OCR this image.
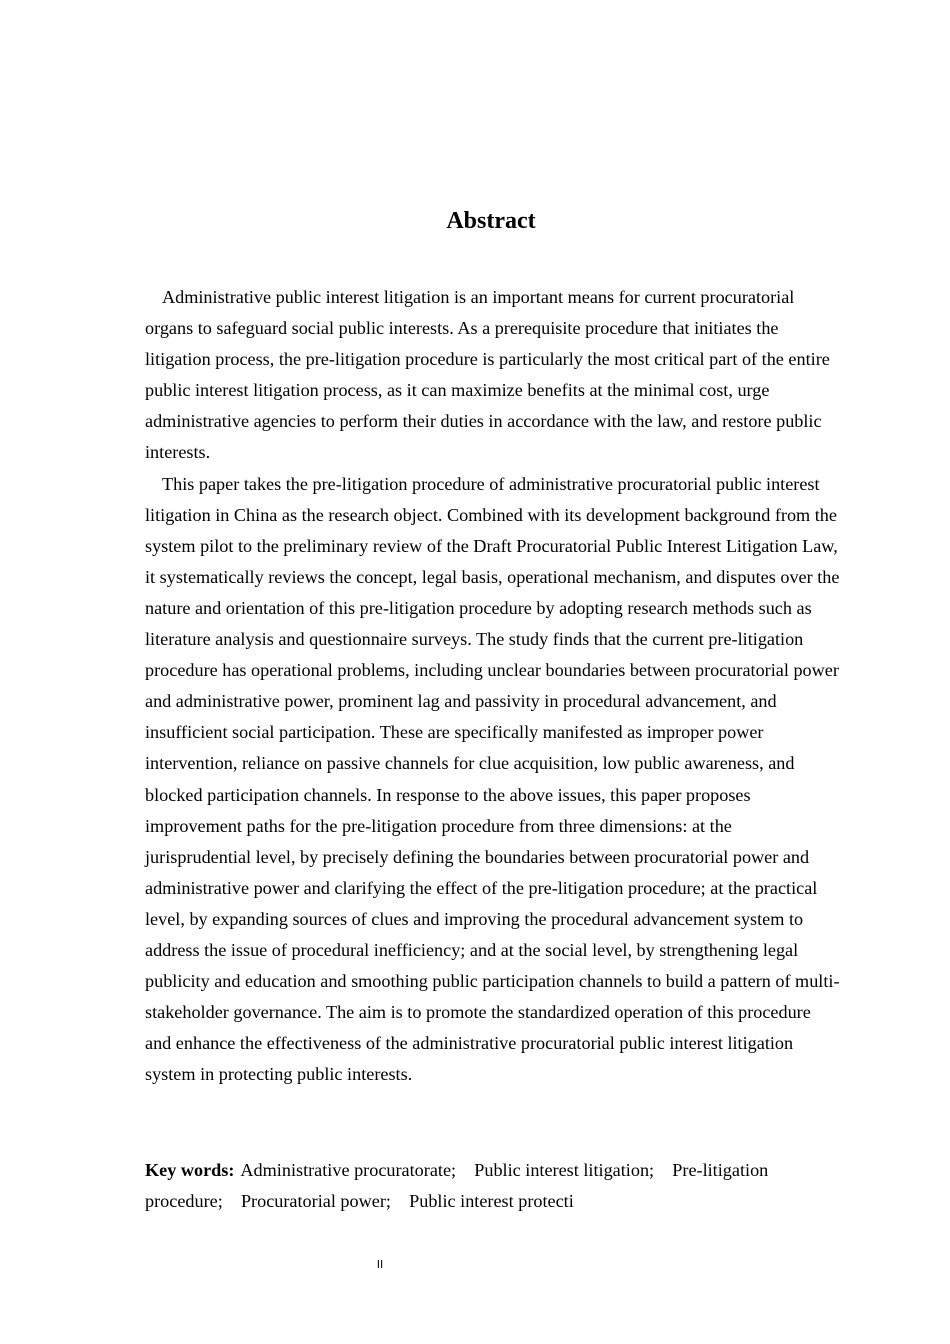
Abstract

Administrative public interest litigation is an important means for current procuratorial organs to safeguard social public interests. As a prerequisite procedure that initiates the litigation process, the pre-litigation procedure is particularly the most critical part of the entire public interest litigation process, as it can maximize benefits at the minimal cost, urge administrative agencies to perform their duties in accordance with the law, and restore public interests.

This paper takes the pre-litigation procedure of administrative procuratorial public interest litigation in China as the research object. Combined with its development background from the system pilot to the preliminary review of the Draft Procuratorial Public Interest Litigation Law, it systematically reviews the concept, legal basis, operational mechanism, and disputes over the nature and orientation of this pre-litigation procedure by adopting research methods such as literature analysis and questionnaire surveys. The study finds that the current pre-litigation procedure has operational problems, including unclear boundaries between procuratorial power and administrative power, prominent lag and passivity in procedural advancement, and insufficient social participation. These are specifically manifested as improper power intervention, reliance on passive channels for clue acquisition, low public awareness, and blocked participation channels. In response to the above issues, this paper proposes improvement paths for the pre-litigation procedure from three dimensions: at the jurisprudential level, by precisely defining the boundaries between procuratorial power and administrative power and clarifying the effect of the pre-litigation procedure; at the practical level, by expanding sources of clues and improving the procedural advancement system to address the issue of procedural inefficiency; and at the social level, by strengthening legal publicity and education and smoothing public participation channels to build a pattern of multi-stakeholder governance. The aim is to promote the standardized operation of this procedure and enhance the effectiveness of the administrative procuratorial public interest litigation system in protecting public interests.

Key words: Administrative procuratorate;    Public interest litigation;    Pre-litigation procedure;    Procuratorial power;    Public interest protecti
II
